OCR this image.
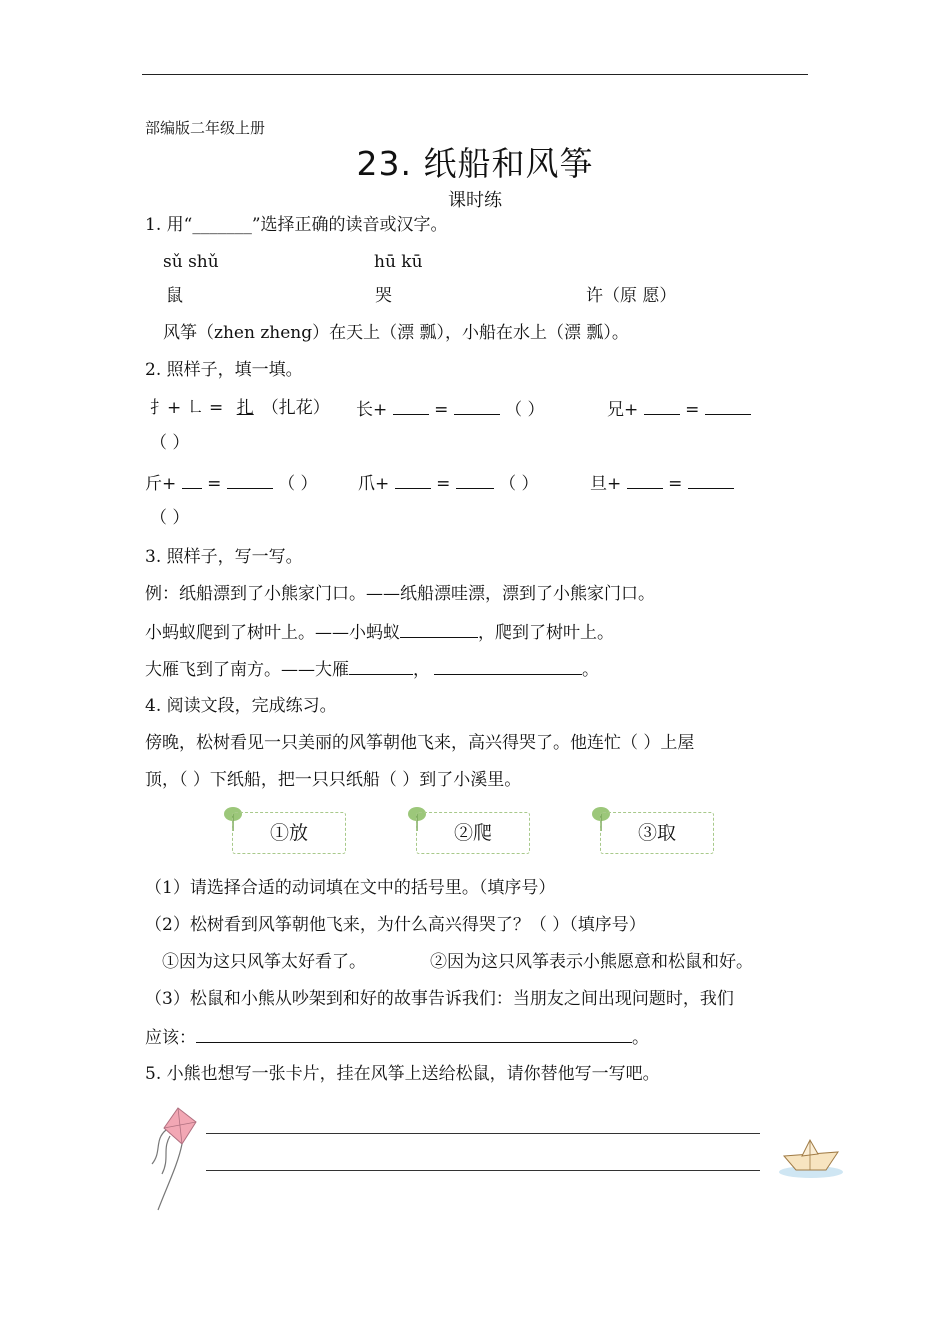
部编版二年级上册
23. 纸船和风筝
课时练
1. 用“_______”选择正确的读音或汉字。
sǔ shǔ	hū kū
鼠	哭	许（原 愿）
风筝（zhen zheng）在天上（漂 瓢），小船在水上（漂 瓢）。
2. 照样子，填一填。
扌+ ㇗ = 扎 （扎花） 长+	=	（ ）	兄+	=
（ ）
斤+ =	（ ） 爪+	=	（ ）	旦+	=
（ ）
3. 照样子，写一写。
例：纸船漂到了小熊家门口。——纸船漂哇漂，漂到了小熊家门口。
小蚂蚁爬到了树叶上。——小蚂蚁	，爬到了树叶上。
大雁飞到了南方。——大雁	，	。
4. 阅读文段，完成练习。
傍晚，松树看见一只美丽的风筝朝他飞来，高兴得哭了。他连忙（ ）上屋
顶，（ ）下纸船，把一只只纸船（ ）到了小溪里。
①放	②爬	③取
（1）请选择合适的动词填在文中的括号里。（填序号）
（2）松树看到风筝朝他飞来，为什么高兴得哭了？（ ）（填序号）
①因为这只风筝太好看了。	②因为这只风筝表示小熊愿意和松鼠和好。
（3）松鼠和小熊从吵架到和好的故事告诉我们：当朋友之间出现问题时，我们
应该：	。
5. 小熊也想写一张卡片，挂在风筝上送给松鼠，请你替他写一写吧。
